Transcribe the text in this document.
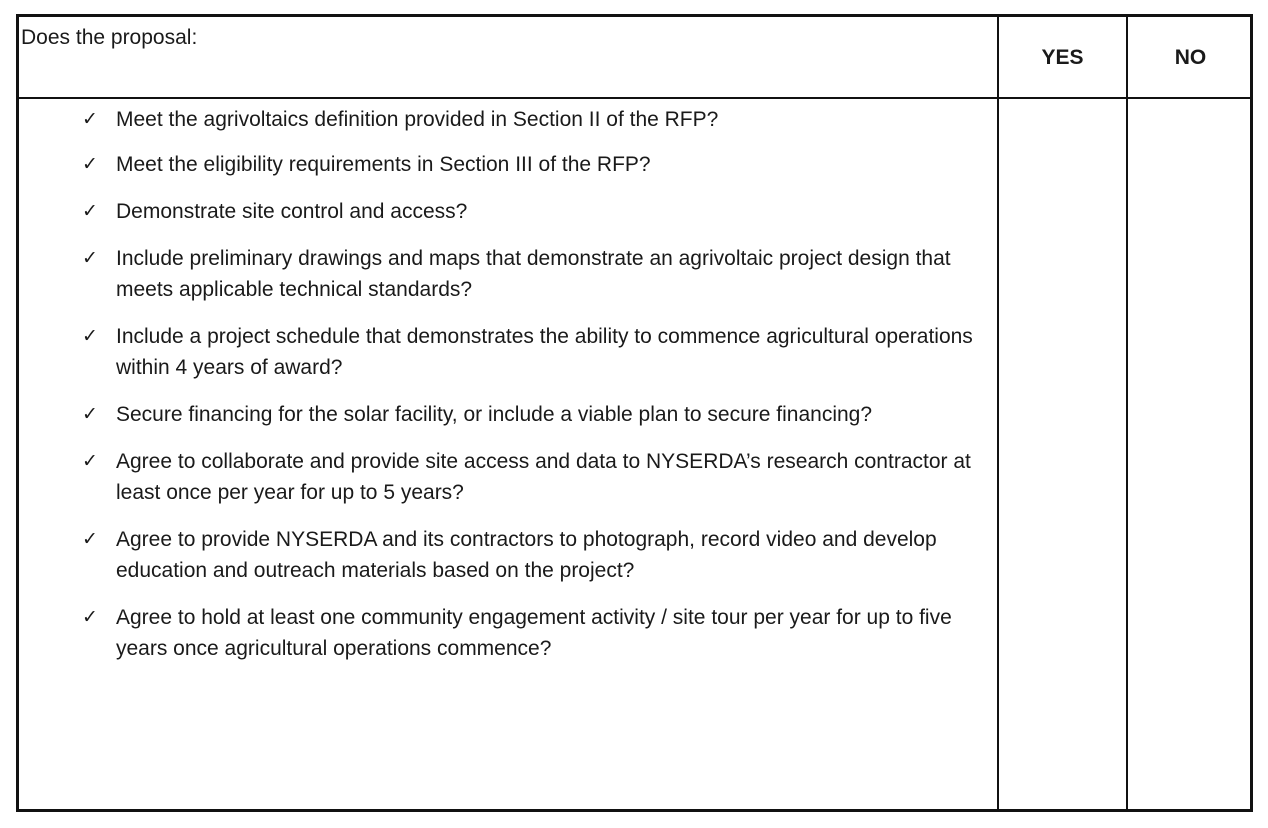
Does the proposal:
YES	NO
✓ Meet the agrivoltaics definition provided in Section II of the RFP?
✓ Meet the eligibility requirements in Section III of the RFP?
✓ Demonstrate site control and access?
✓ Include preliminary drawings and maps that demonstrate an agrivoltaic project design that meets applicable technical standards?
✓ Include a project schedule that demonstrates the ability to commence agricultural operations within 4 years of award?
✓ Secure financing for the solar facility, or include a viable plan to secure financing?
✓ Agree to collaborate and provide site access and data to NYSERDA’s research contractor at least once per year for up to 5 years?
✓ Agree to provide NYSERDA and its contractors to photograph, record video and develop education and outreach materials based on the project?
✓ Agree to hold at least one community engagement activity / site tour per year for up to five years once agricultural operations commence?
